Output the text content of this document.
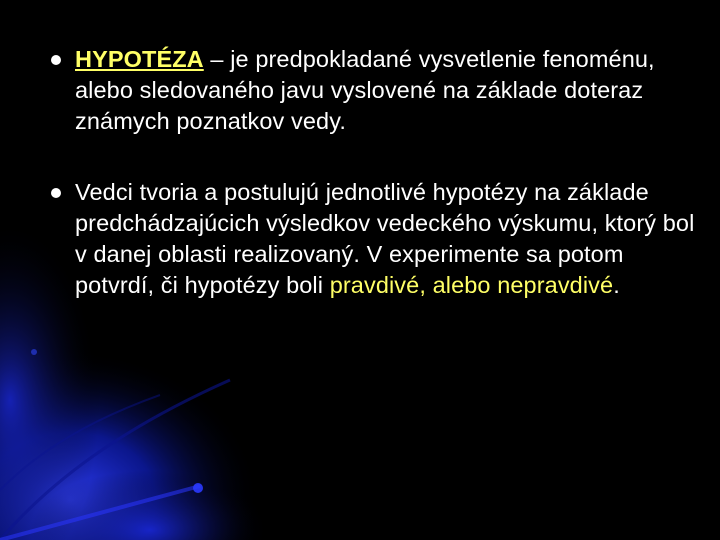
HYPOTÉZA – je predpokladané vysvetlenie fenoménu, alebo sledovaného javu vyslovené na základe doteraz známych poznatkov vedy.
Vedci tvoria a postulujú jednotlivé hypotézy na základe predchádzajúcich výsledkov vedeckého výskumu, ktorý bol v danej oblasti realizovaný. V experimente sa potom potvrdí, či hypotézy boli pravdivé, alebo nepravdivé.
